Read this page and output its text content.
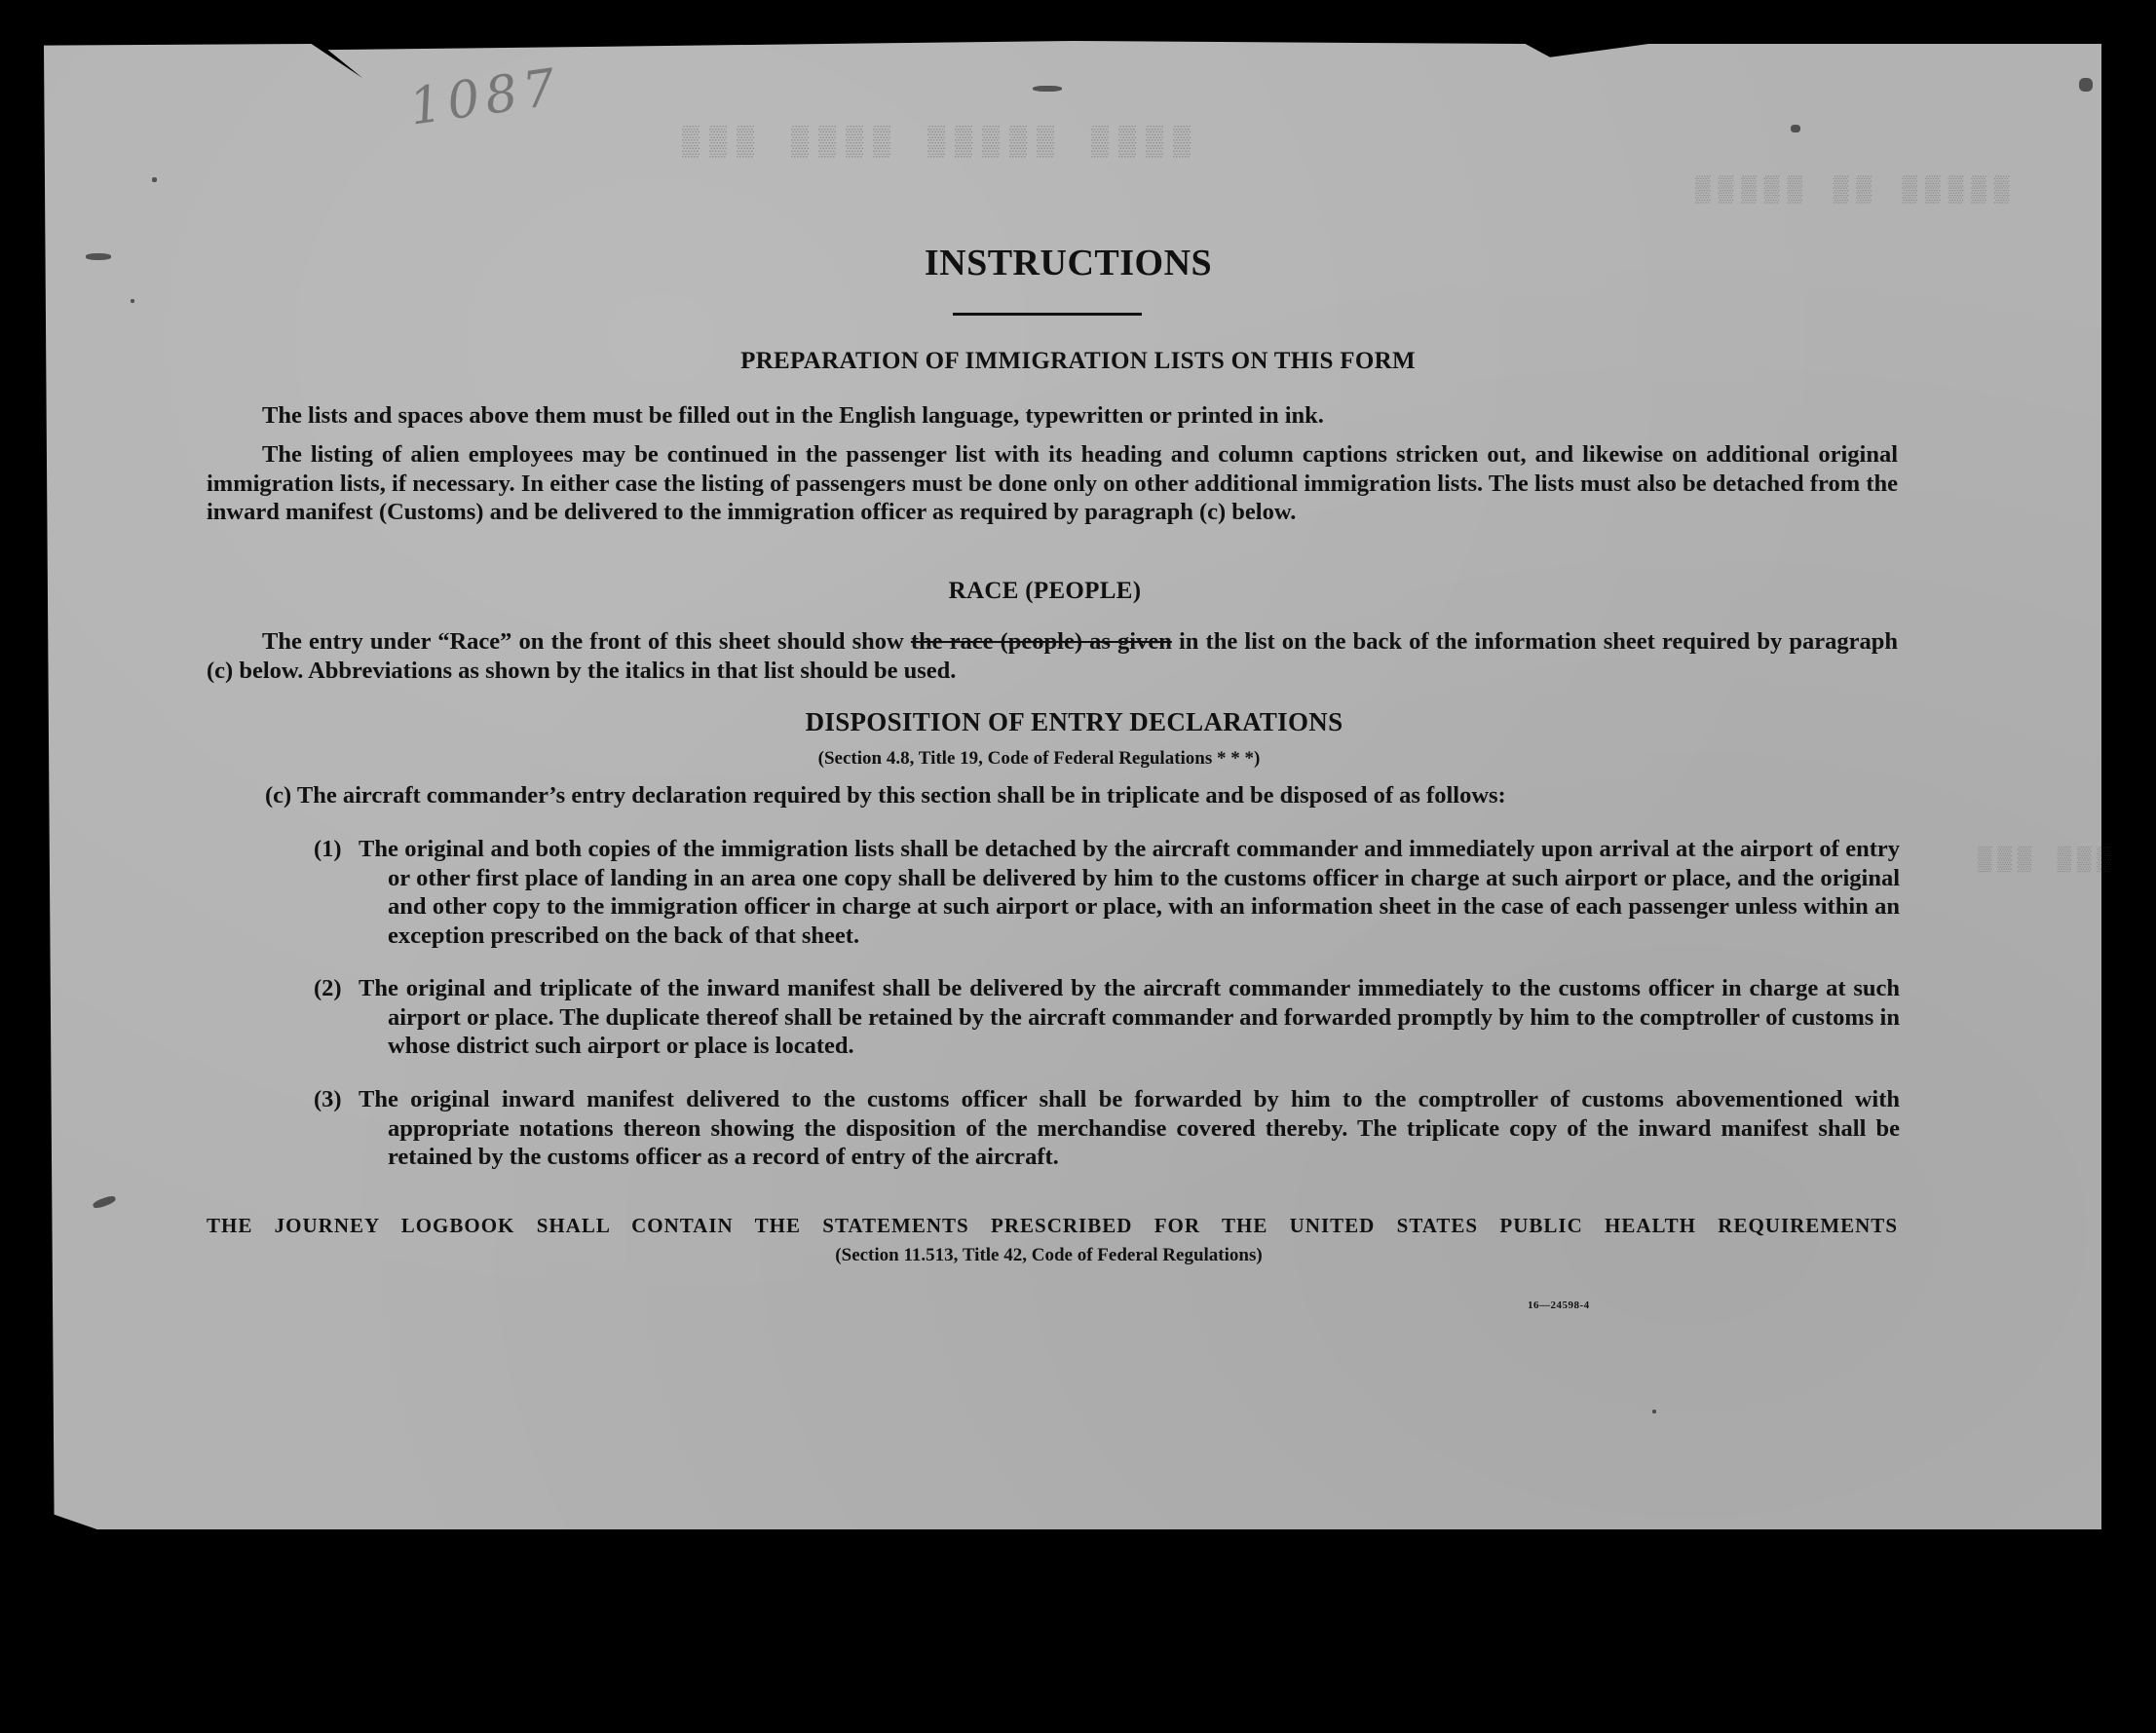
▒▒▒ ▒▒▒▒ ▒▒▒▒▒ ▒▒▒▒
▒▒▒▒▒ ▒▒ ▒▒▒▒▒
▒▒▒ ▒▒▒
1087
INSTRUCTIONS
PREPARATION OF IMMIGRATION LISTS ON THIS FORM
The lists and spaces above them must be filled out in the English language, typewritten or printed in ink.
The listing of alien employees may be continued in the passenger list with its heading and column captions stricken out, and likewise on additional original immigration lists, if necessary. In either case the listing of passengers must be done only on other additional immigration lists. The lists must also be detached from the inward manifest (Customs) and be delivered to the immigration officer as required by paragraph (c) below.
RACE (PEOPLE)
The entry under “Race” on the front of this sheet should show the race (people) as given in the list on the back of the information sheet required by paragraph (c) below. Abbreviations as shown by the italics in that list should be used.
DISPOSITION OF ENTRY DECLARATIONS
(Section 4.8, Title 19, Code of Federal Regulations * * *)
(c) The aircraft commander’s entry declaration required by this section shall be in triplicate and be disposed of as follows:
(1) The original and both copies of the immigration lists shall be detached by the aircraft commander and immediately upon arrival at the airport of entry or other first place of landing in an area one copy shall be delivered by him to the customs officer in charge at such airport or place, and the original and other copy to the immigration officer in charge at such airport or place, with an information sheet in the case of each passenger unless within an exception prescribed on the back of that sheet.
(2) The original and triplicate of the inward manifest shall be delivered by the aircraft commander immediately to the customs officer in charge at such airport or place. The duplicate thereof shall be retained by the aircraft commander and forwarded promptly by him to the comptroller of customs in whose district such airport or place is located.
(3) The original inward manifest delivered to the customs officer shall be forwarded by him to the comptroller of customs abovementioned with appropriate notations thereon showing the disposition of the merchandise covered thereby. The triplicate copy of the inward manifest shall be retained by the customs officer as a record of entry of the aircraft.
THE JOURNEY LOGBOOK SHALL CONTAIN THE STATEMENTS PRESCRIBED FOR THE UNITED STATES PUBLIC HEALTH REQUIREMENTS
(Section 11.513, Title 42, Code of Federal Regulations)
16—24598-4
